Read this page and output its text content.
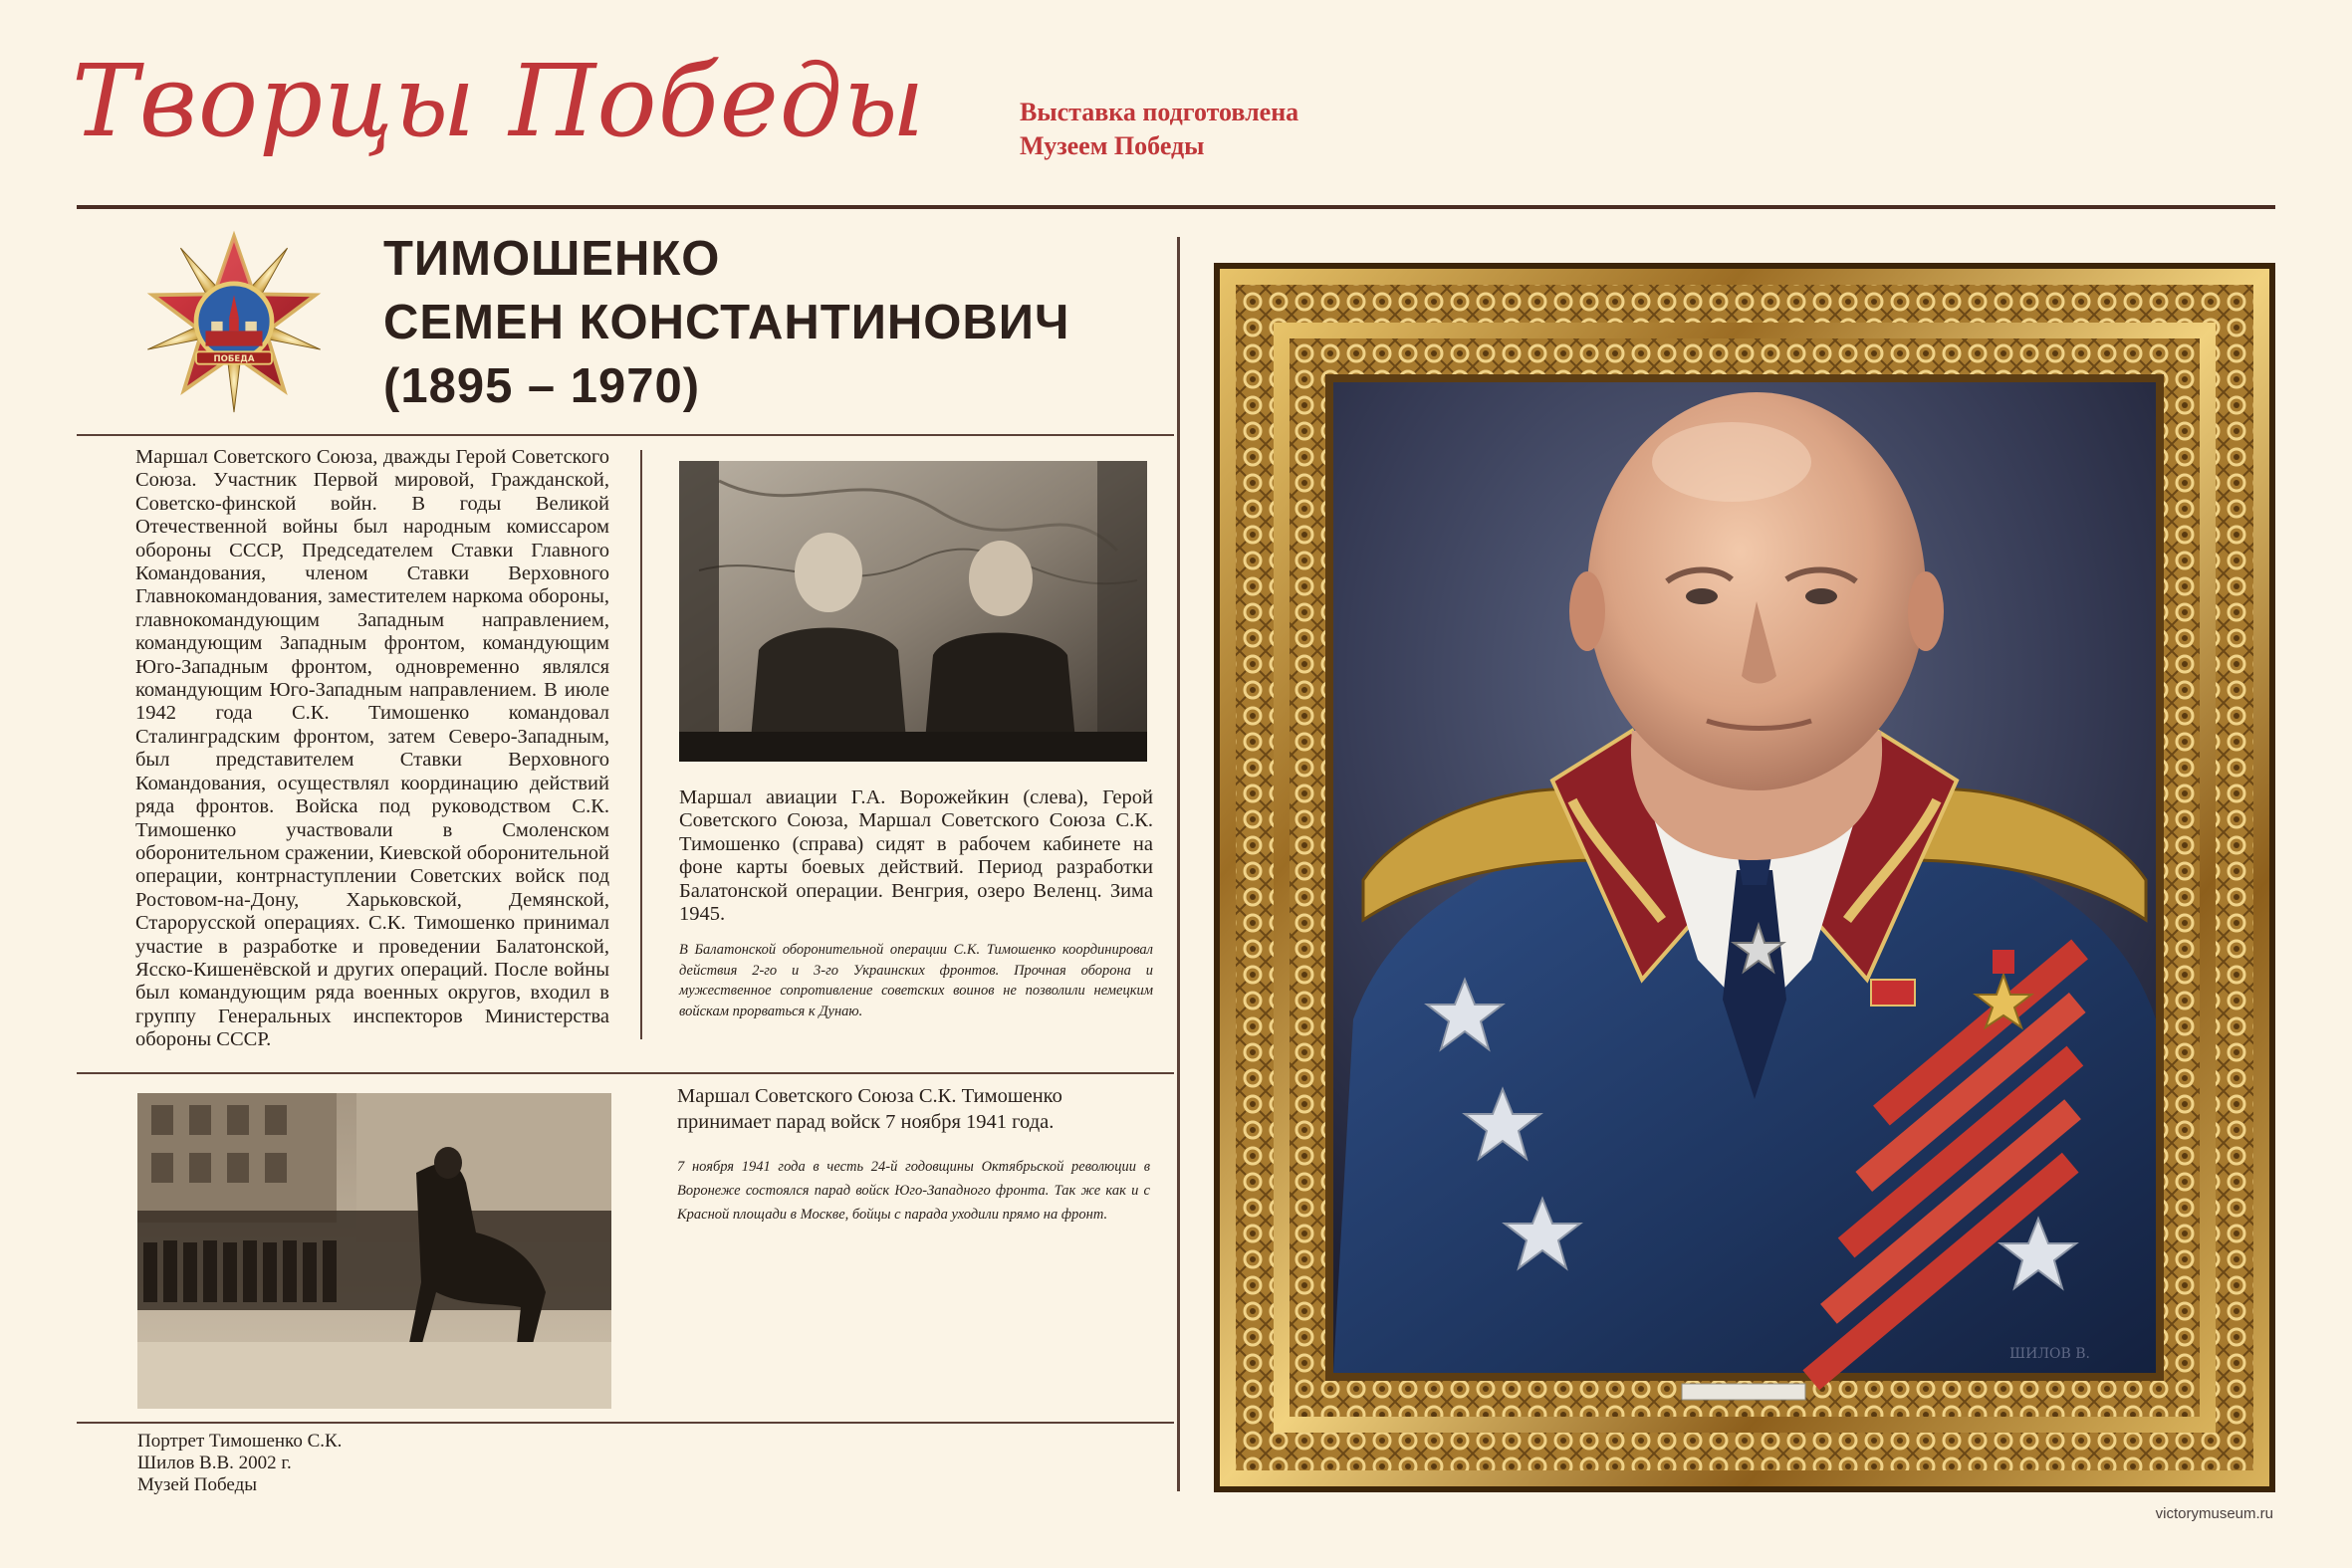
Творцы Победы	Выставка подготовлена
Музеем Победы
ПОБЕДА
ТИМОШЕНКО
СЕМЕН КОНСТАНТИНОВИЧ
(1895 – 1970)

Маршал Советского Союза, дважды Герой Советского Союза. Участник Первой мировой, Гражданской, Советско-финской войн. В годы Великой Отечественной войны был народным комиссаром обороны СССР, Председателем Ставки Главного Командования, членом Ставки Верховного Главнокомандования, заместителем наркома обороны, главнокомандующим Западным направлением, командующим Западным фронтом, командующим Юго-Западным фронтом, одновременно являлся командующим Юго-Западным направлением. В июле 1942 года С.К. Тимошенко командовал Сталинградским фронтом, затем Северо-Западным, был представителем Ставки Верховного Командования, осуществлял координацию действий ряда фронтов. Войска под руководством С.К. Тимошенко участвовали в Смоленском оборонительном сражении, Киевской оборонительной операции, контрнаступлении Советских войск под Ростовом-на-Дону, Харьковской, Демянской, Старорусской операциях. С.К. Тимошенко принимал участие в разработке и проведении Балатонской, Ясско-Кишенёвской и других операций. После войны был командующим ряда военных округов, входил в группу Генеральных инспекторов Министерства обороны СССР.

Маршал авиации Г.А. Ворожейкин (слева), Герой Советского Союза, Маршал Советского Союза С.К. Тимошенко (справа) сидят в рабочем кабинете на фоне карты боевых действий. Период разработки Балатонской операции. Венгрия, озеро Веленц. Зима 1945.

В Балатонской оборонительной операции С.К. Тимошенко координировал действия 2-го и 3-го Украинских фронтов. Прочная оборона и мужественное сопротивление советских воинов не позволили немецким войскам прорваться к Дунаю.

Маршал Советского Союза С.К. Тимошенко принимает парад войск 7 ноября 1941 года.

7 ноября 1941 года в честь 24-й годовщины Октябрьской революции в Воронеже состоялся парад войск Юго-Западного фронта. Так же как и с Красной площади в Москве, бойцы с парада уходили прямо на фронт.

Портрет Тимошенко С.К.
Шилов В.В. 2002 г.
Музей Победы
ШИЛОВ В.
victorymuseum.ru
